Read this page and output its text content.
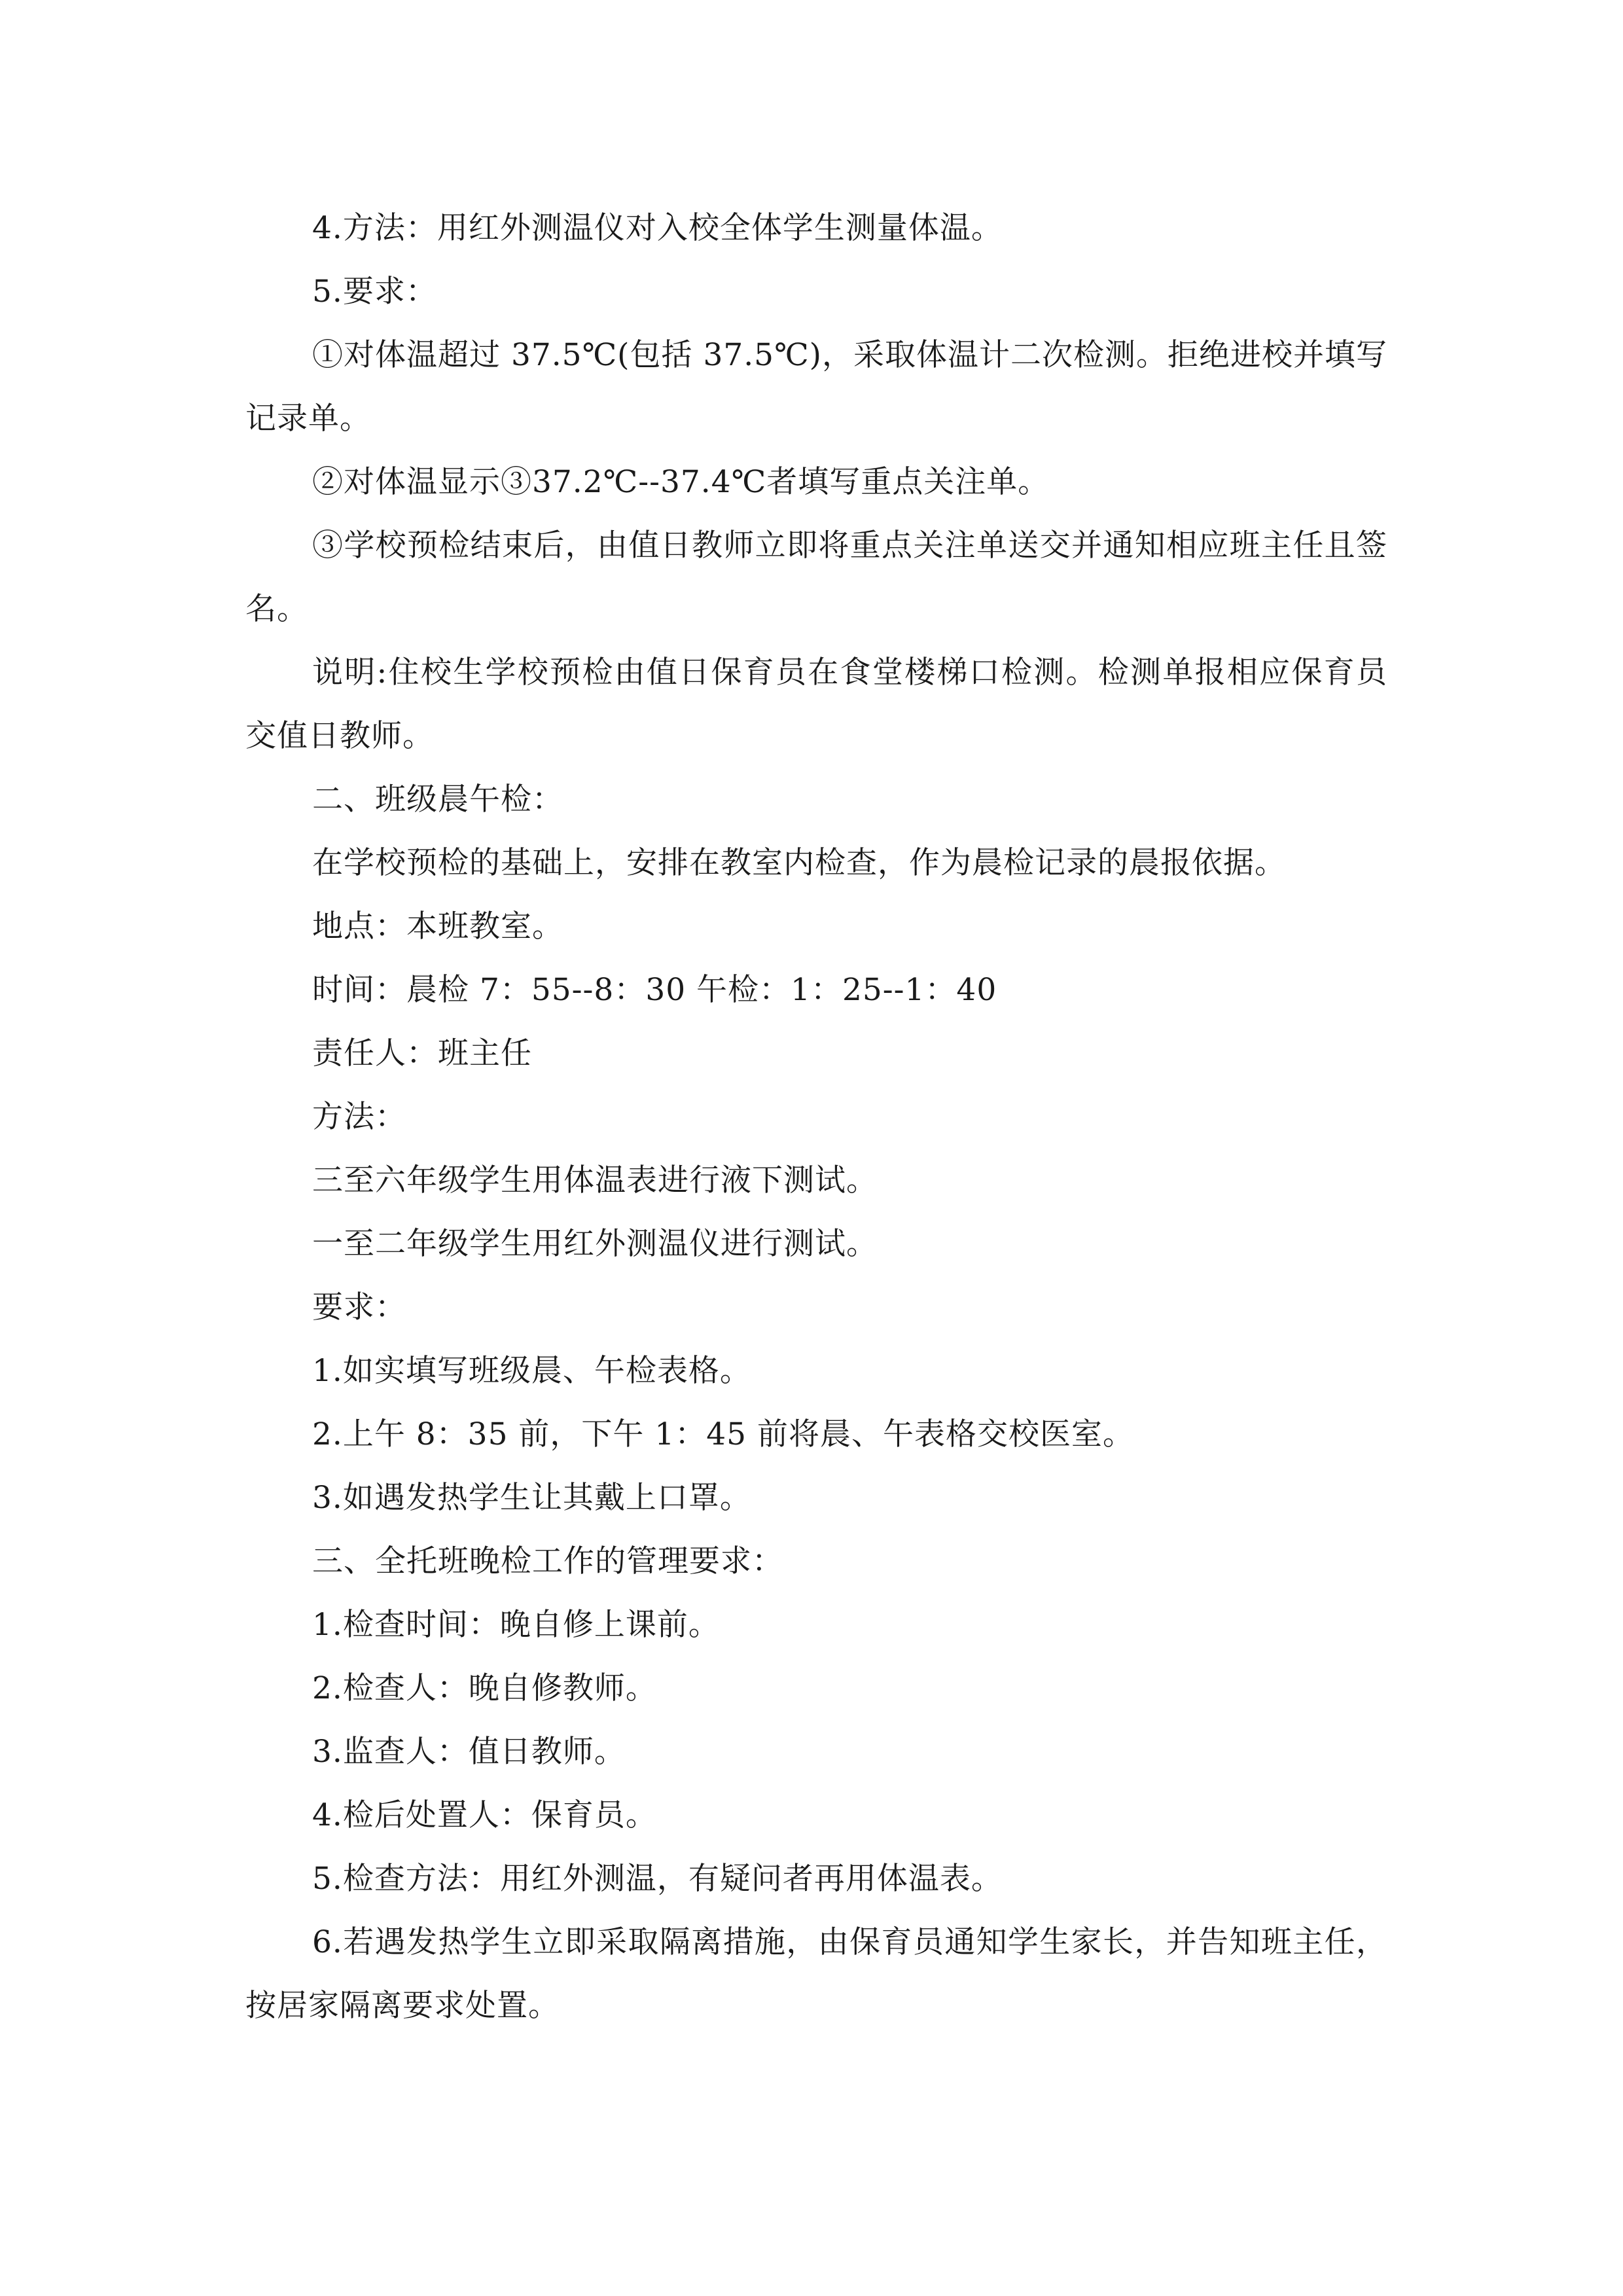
4.方法：用红外测温仪对入校全体学生测量体温。

5.要求：

①对体温超过 37.5℃(包括 37.5℃)，采取体温计二次检测。拒绝进校并填写记录单。

②对体温显示③37.2℃--37.4℃者填写重点关注单。

③学校预检结束后，由值日教师立即将重点关注单送交并通知相应班主任且签名。

说明:住校生学校预检由值日保育员在食堂楼梯口检测。检测单报相应保育员交值日教师。

二、班级晨午检：

在学校预检的基础上，安排在教室内检查，作为晨检记录的晨报依据。

地点：本班教室。

时间：晨检 7：55--8：30 午检：1：25--1：40

责任人：班主任

方法：

三至六年级学生用体温表进行液下测试。

一至二年级学生用红外测温仪进行测试。

要求：

1.如实填写班级晨、午检表格。

2.上午 8：35 前，下午 1：45 前将晨、午表格交校医室。

3.如遇发热学生让其戴上口罩。

三、全托班晚检工作的管理要求：

1.检查时间：晚自修上课前。

2.检查人：晚自修教师。

3.监查人：值日教师。

4.检后处置人：保育员。

5.检查方法：用红外测温，有疑问者再用体温表。

6.若遇发热学生立即采取隔离措施，由保育员通知学生家长，并告知班主任，按居家隔离要求处置。
